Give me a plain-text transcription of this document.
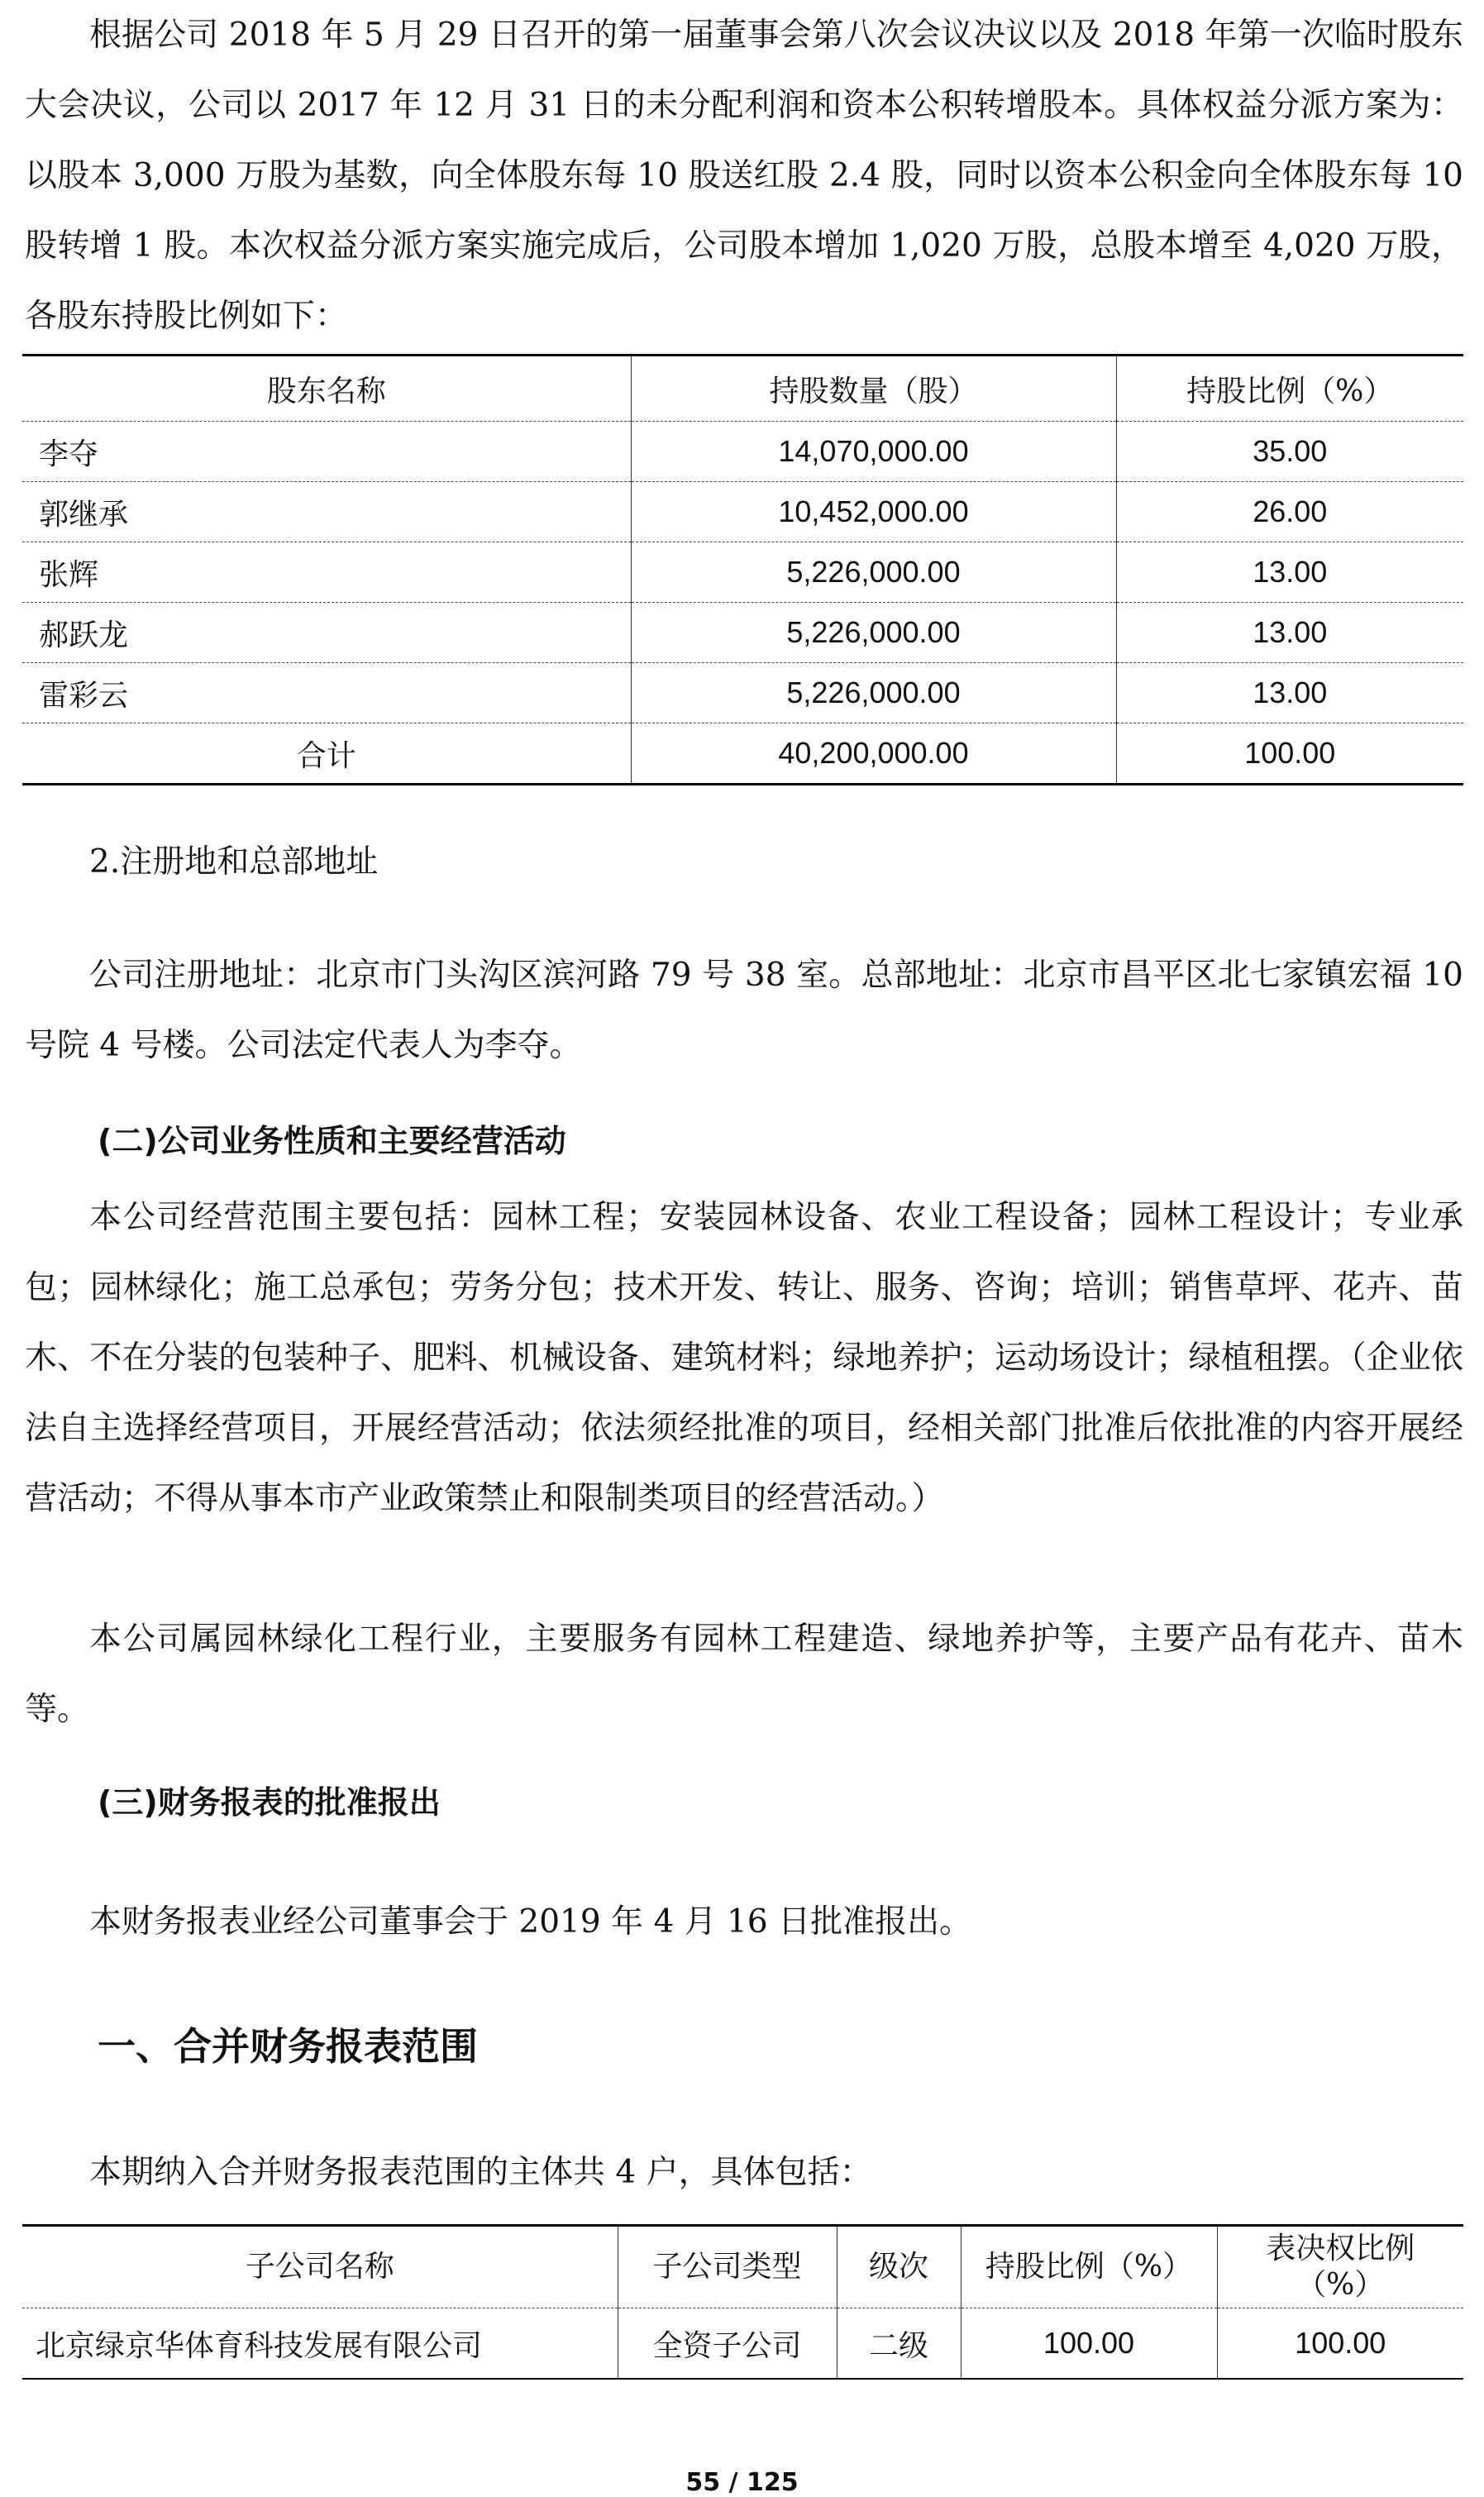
根据公司 2018 年 5 月 29 日召开的第一届董事会第八次会议决议以及 2018 年第一次临时股东大会决议，公司以 2017 年 12 月 31 日的未分配利润和资本公积转增股本。具体权益分派方案为：以股本 3,000 万股为基数，向全体股东每 10 股送红股 2.4 股，同时以资本公积金向全体股东每 10 股转增 1 股。本次权益分派方案实施完成后，公司股本增加 1,020 万股，总股本增至 4,020 万股，各股东持股比例如下：

股东名称	持股数量（股）	持股比例（%）
李夺	14,070,000.00	35.00
郭继承	10,452,000.00	26.00
张辉	5,226,000.00	13.00
郝跃龙	5,226,000.00	13.00
雷彩云	5,226,000.00	13.00
合计	40,200,000.00	100.00

2.注册地和总部地址

公司注册地址：北京市门头沟区滨河路 79 号 38 室。总部地址：北京市昌平区北七家镇宏福 10 号院 4 号楼。公司法定代表人为李夺。

(二)公司业务性质和主要经营活动

本公司经营范围主要包括：园林工程；安装园林设备、农业工程设备；园林工程设计；专业承包；园林绿化；施工总承包；劳务分包；技术开发、转让、服务、咨询；培训；销售草坪、花卉、苗木、不在分装的包装种子、肥料、机械设备、建筑材料；绿地养护；运动场设计；绿植租摆。（企业依法自主选择经营项目，开展经营活动；依法须经批准的项目，经相关部门批准后依批准的内容开展经营活动；不得从事本市产业政策禁止和限制类项目的经营活动。）

本公司属园林绿化工程行业，主要服务有园林工程建造、绿地养护等，主要产品有花卉、苗木等。

(三)财务报表的批准报出

本财务报表业经公司董事会于 2019 年 4 月 16 日批准报出。

一、合并财务报表范围

本期纳入合并财务报表范围的主体共 4 户，具体包括：

子公司名称	子公司类型	级次	持股比例（%）	表决权比例（%）
北京绿京华体育科技发展有限公司	全资子公司	二级	100.00	100.00
55 / 125
